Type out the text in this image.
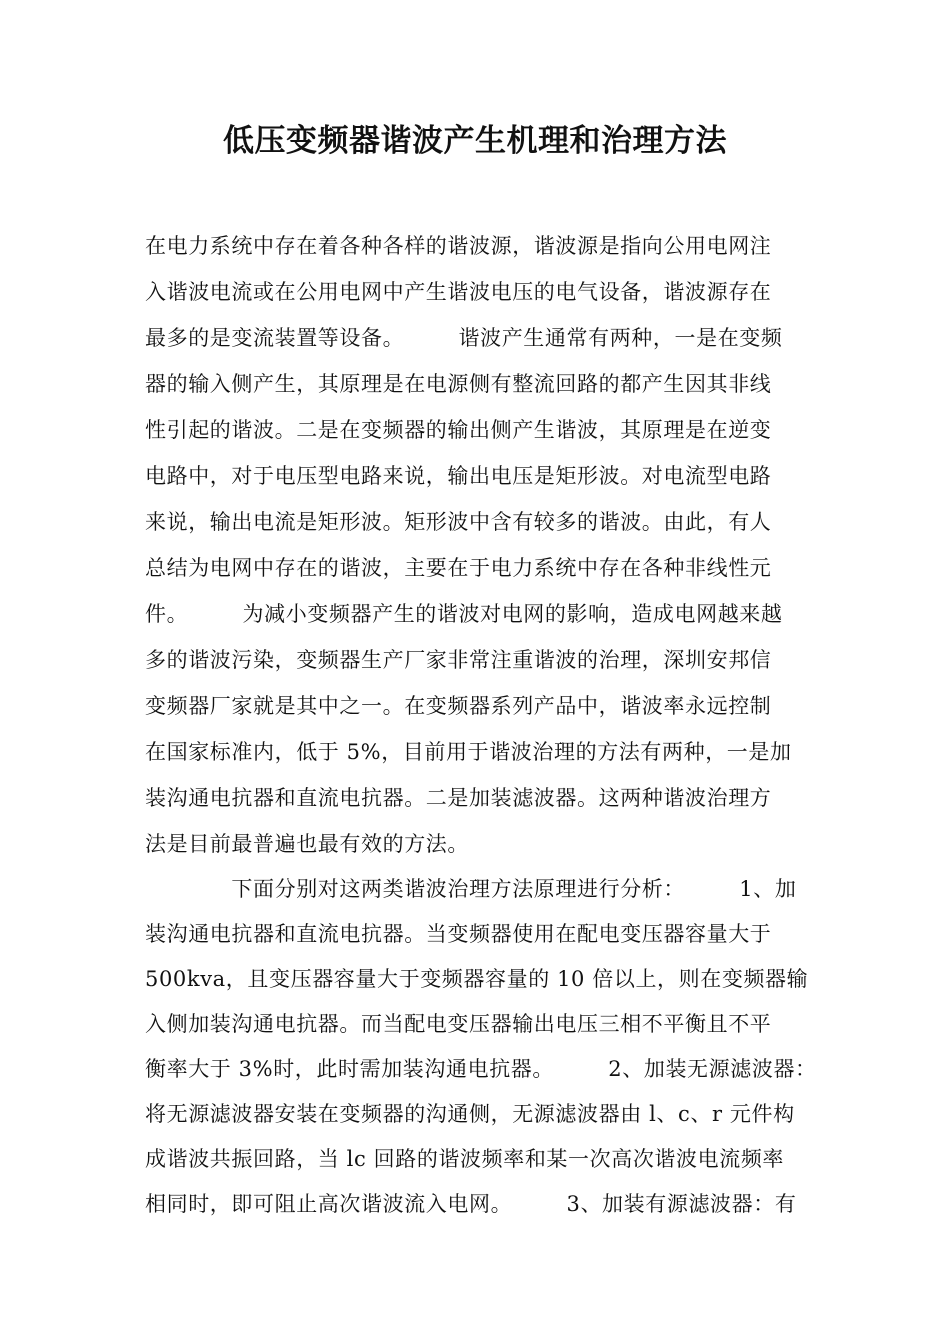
低压变频器谐波产生机理和治理方法
在电力系统中存在着各种各样的谐波源，谐波源是指向公用电网注
入谐波电流或在公用电网中产生谐波电压的电气设备，谐波源存在
最多的是变流装置等设备。　　　谐波产生通常有两种，一是在变频
器的输入侧产生，其原理是在电源侧有整流回路的都产生因其非线
性引起的谐波。二是在变频器的输出侧产生谐波，其原理是在逆变
电路中，对于电压型电路来说，输出电压是矩形波。对电流型电路
来说，输出电流是矩形波。矩形波中含有较多的谐波。由此，有人
总结为电网中存在的谐波，主要在于电力系统中存在各种非线性元
件。　　　为减小变频器产生的谐波对电网的影响，造成电网越来越
多的谐波污染，变频器生产厂家非常注重谐波的治理，深圳安邦信
变频器厂家就是其中之一。在变频器系列产品中，谐波率永远控制
在国家标准内，低于 5%，目前用于谐波治理的方法有两种，一是加
装沟通电抗器和直流电抗器。二是加装滤波器。这两种谐波治理方
法是目前最普遍也最有效的方法。
　　　　下面分别对这两类谐波治理方法原理进行分析：　　　1、加
装沟通电抗器和直流电抗器。当变频器使用在配电变压器容量大于
500kva，且变压器容量大于变频器容量的 10 倍以上，则在变频器输
入侧加装沟通电抗器。而当配电变压器输出电压三相不平衡且不平
衡率大于 3%时，此时需加装沟通电抗器。　　　2、加装无源滤波器：
将无源滤波器安装在变频器的沟通侧，无源滤波器由 l、c、r 元件构
成谐波共振回路，当 lc 回路的谐波频率和某一次高次谐波电流频率
相同时，即可阻止高次谐波流入电网。　　　3、加装有源滤波器：有
